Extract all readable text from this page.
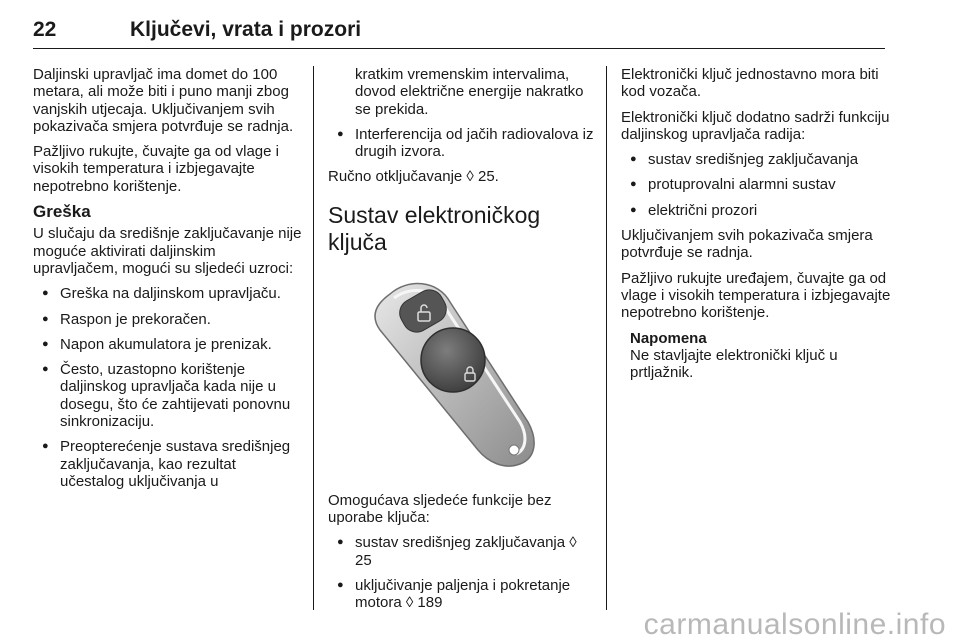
22	Ključevi, vrata i prozori

Daljinski upravljač ima domet do 100 metara, ali može biti i puno manji zbog vanjskih utjecaja. Uključivanjem svih pokazivača smjera potvrđuje se radnja.

Pažljivo rukujte, čuvajte ga od vlage i visokih temperatura i izbjegavajte nepotrebno korištenje.

Greška

U slučaju da središnje zaključavanje nije moguće aktivirati daljinskim upravljačem, mogući su sljedeći uzroci:

● Greška na daljinskom upravljaču.
● Raspon je prekoračen.
● Napon akumulatora je prenizak.
● Često, uzastopno korištenje daljinskog upravljača kada nije u dosegu, što će zahtijevati ponovnu sinkronizaciju.
● Preopterećenje sustava središnjeg zaključavanja, kao rezultat učestalog uključivanja u

kratkim vremenskim intervalima, dovod električne energije nakratko se prekida.

● Interferencija od jačih radiovalova iz drugih izvora.

Ručno otključavanje ◊ 25.

Sustav elektroničkog ključa

Omogućava sljedeće funkcije bez uporabe ključa:

● sustav središnjeg zaključavanja ◊ 25
● uključivanje paljenja i pokretanje motora ◊ 189

Elektronički ključ jednostavno mora biti kod vozača.

Elektronički ključ dodatno sadrži funkciju daljinskog upravljača radija:

● sustav središnjeg zaključavanja
● protuprovalni alarmni sustav
● električni prozori

Uključivanjem svih pokazivača smjera potvrđuje se radnja.

Pažljivo rukujte uređajem, čuvajte ga od vlage i visokih temperatura i izbjegavajte nepotrebno korištenje.

Napomena
Ne stavljajte elektronički ključ u prtljažnik.
carmanualsonline.info
